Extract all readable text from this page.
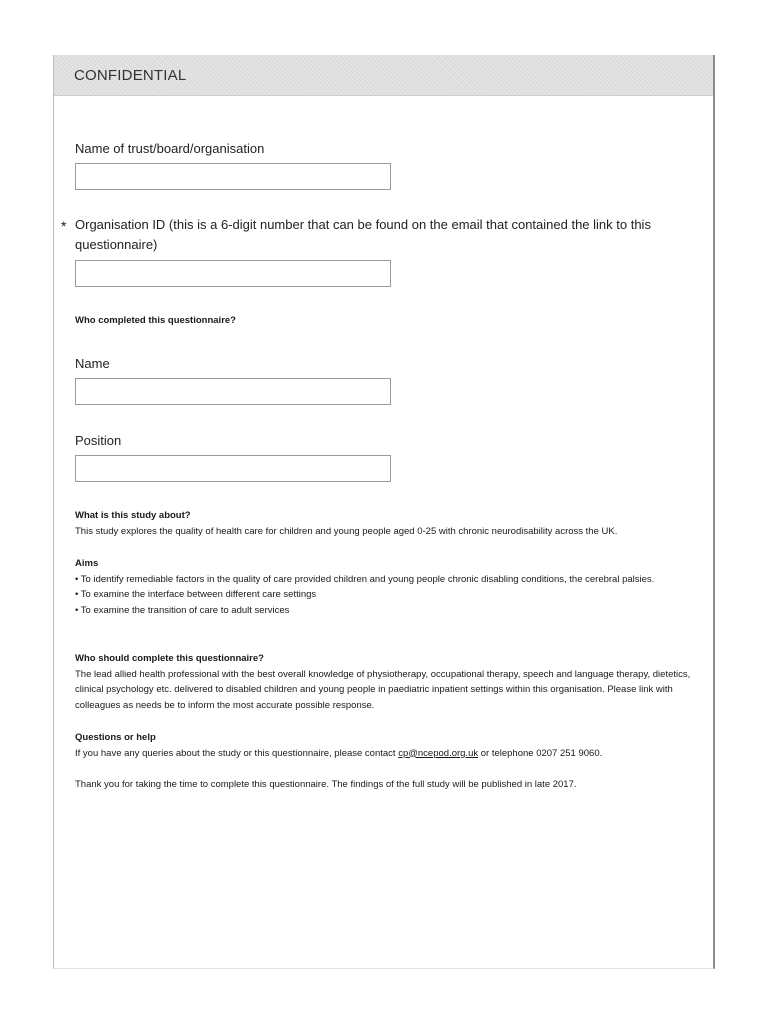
CONFIDENTIAL
Name of trust/board/organisation
* Organisation ID (this is a 6-digit number that can be found on the email that contained the link to this questionnaire)
Who completed this questionnaire?
Name
Position
What is this study about?
This study explores the quality of health care for children and young people aged 0-25 with chronic neurodisability across the UK.
Aims
• To identify remediable factors in the quality of care provided children and young people chronic disabling conditions, the cerebral palsies.
• To examine the interface between different care settings
• To examine the transition of care to adult services
Who should complete this questionnaire?
The lead allied health professional with the best overall knowledge of physiotherapy, occupational therapy, speech and language therapy, dietetics, clinical psychology etc. delivered to disabled children and young people in paediatric inpatient settings within this organisation. Please link with colleagues as needs be to inform the most accurate possible response.
Questions or help
If you have any queries about the study or this questionnaire, please contact cp@ncepod.org.uk or telephone 0207 251 9060.
Thank you for taking the time to complete this questionnaire. The findings of the full study will be published in late 2017.
